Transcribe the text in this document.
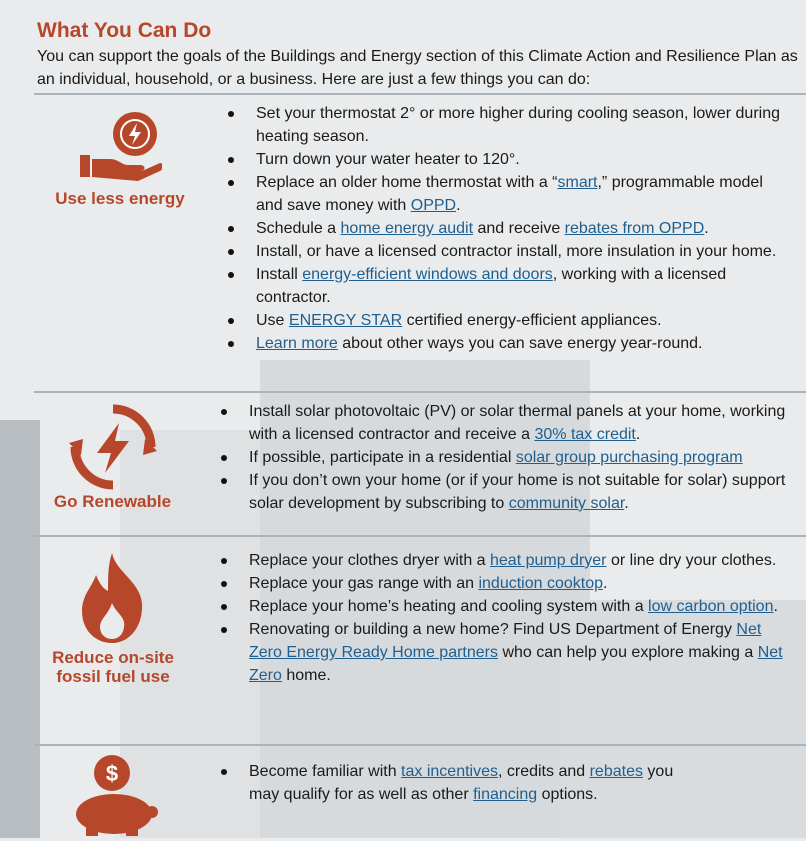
What You Can Do

You can support the goals of the Buildings and Energy section of this Climate Action and Resilience Plan as an individual, household, or a business. Here are just a few things you can do:

Use less energy

Set your thermostat 2° or more higher during cooling season, lower during heating season.
Turn down your water heater to 120°.
Replace an older home thermostat with a “smart,” programmable model and save money with OPPD.
Schedule a home energy audit and receive rebates from OPPD.
Install, or have a licensed contractor install, more insulation in your home.
Install energy-efficient windows and doors, working with a licensed contractor.
Use ENERGY STAR certified energy-efficient appliances.
Learn more about other ways you can save energy year-round.

Go Renewable

Install solar photovoltaic (PV) or solar thermal panels at your home, working with a licensed contractor and receive a 30% tax credit.
If possible, participate in a residential solar group purchasing program
If you don’t own your home (or if your home is not suitable for solar) support solar development by subscribing to community solar.

Reduce on-site fossil fuel use

Replace your clothes dryer with a heat pump dryer or line dry your clothes.
Replace your gas range with an induction cooktop.
Replace your home’s heating and cooling system with a low carbon option.
Renovating or building a new home? Find US Department of Energy Net Zero Energy Ready Home partners who can help you explore making a Net Zero home.
$	Become familiar with tax incentives, credits and rebates you may qualify for as well as other financing options.
